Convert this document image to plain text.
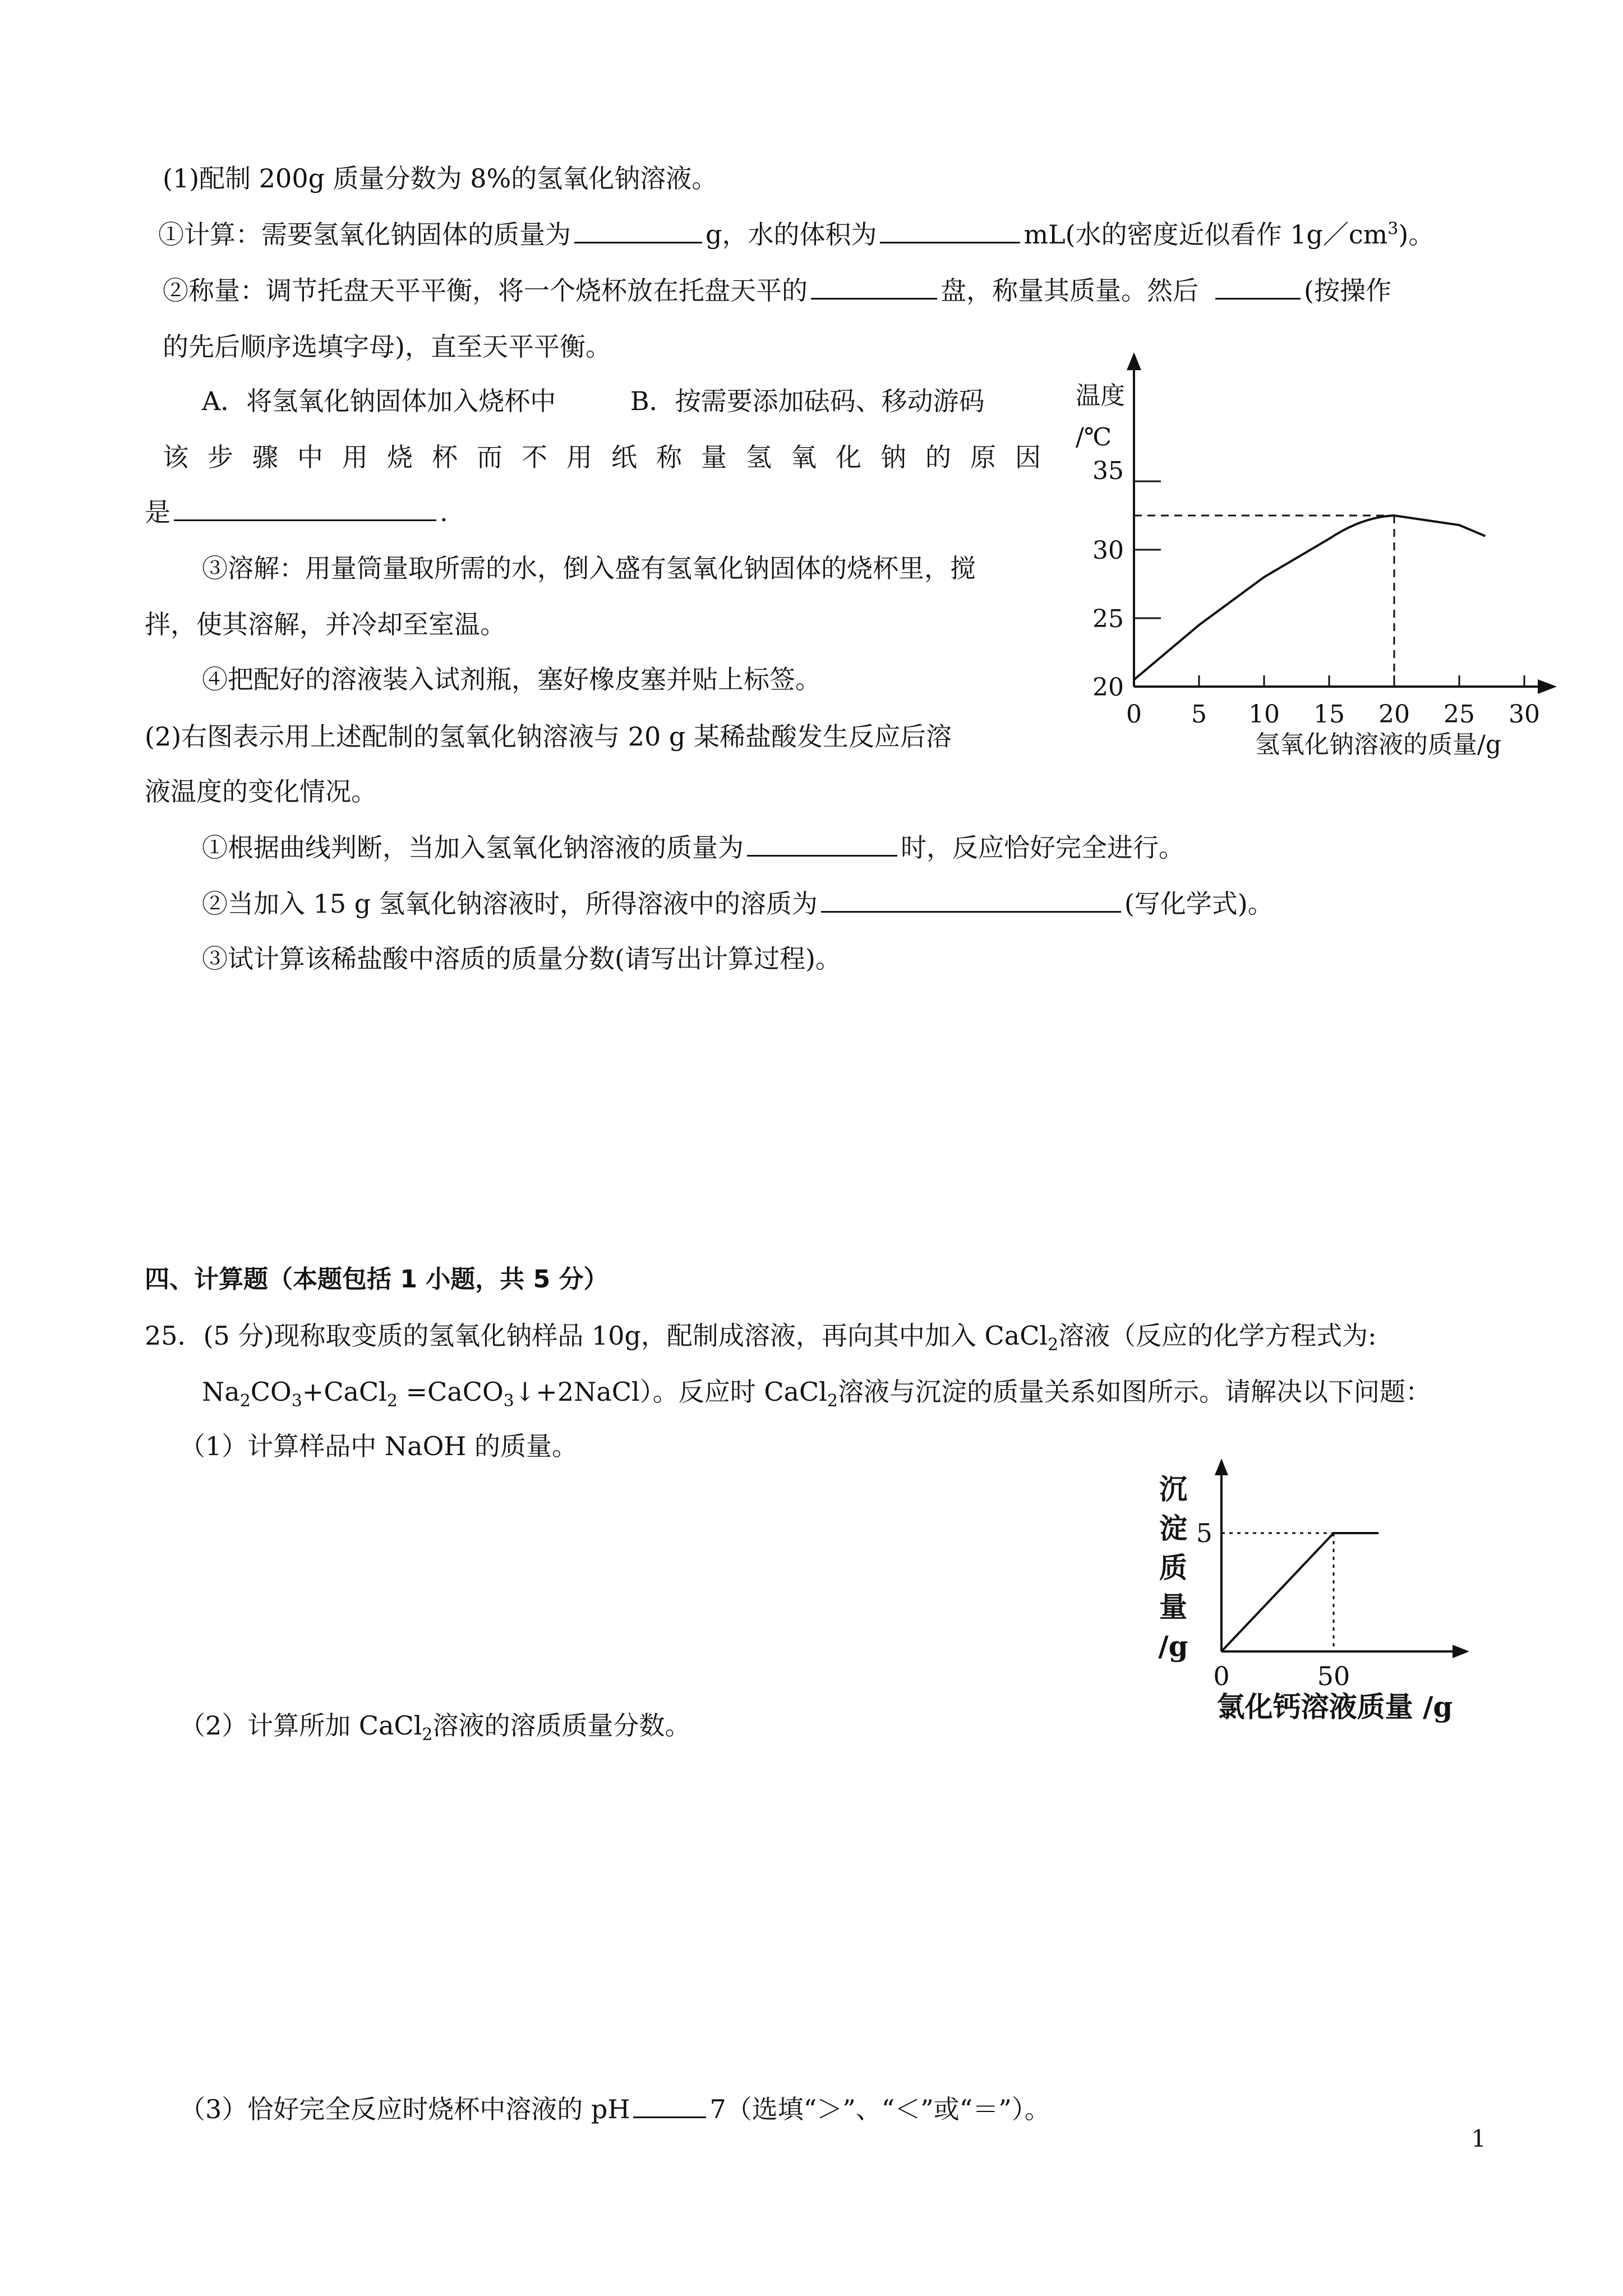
(1)配制 200g 质量分数为 8%的氢氧化钠溶液。
①计算：需要氢氧化钠固体的质量为	g，水的体积为	mL(水的密度近似看作 $1g/cm^3$)。
②称量：调节托盘天平平衡，将一个烧杯放在托盘天平的	盘，称量其质量。然后	(按操作
的先后顺序选填字母)，直至天平平衡。
A．将氢氧化钠固体加入烧杯中	B．按需要添加砝码、移动游码
该步骤中用烧杯而不用纸称量氢氧化钠的原因
是	.
③溶解：用量筒量取所需的水，倒入盛有氢氧化钠固体的烧杯里，搅
拌，使其溶解，并冷却至室温。
④把配好的溶液装入试剂瓶，塞好橡皮塞并贴上标签。
(2)右图表示用上述配制的氢氧化钠溶液与 20 g 某稀盐酸发生反应后溶
液温度的变化情况。
①根据曲线判断，当加入氢氧化钠溶液的质量为	时，反应恰好完全进行。
②当加入 15 g 氢氧化钠溶液时，所得溶液中的溶质为	(写化学式)。
③试计算该稀盐酸中溶质的质量分数(请写出计算过程)。
0 5 10 15 20 25 30
35
30
25
20
温度
/℃
氢氧化钠溶液的质量/g
5
0	50
沉
淀
质
量
/g
氯化钙溶液质量 /g
四、计算题（本题包括 1 小题，共 5 分）
25．(5 分)现称取变质的氢氧化钠样品 10g，配制成溶液，再向其中加入 CaCl$_2$溶液（反应的化学方程式为:
$Na_2CO_3+CaCl_2$ =CaCO$_3$↓+2NaCl）。反应时 CaCl$_2$溶液与沉淀的质量关系如图所示。请解决以下问题：
（1）计算样品中 NaOH 的质量。
（2）计算所加 CaCl$_2$溶液的溶质质量分数。
（3）恰好完全反应时烧杯中溶液的 pH	7（选填“＞”、“＜”或“＝”）。
1
